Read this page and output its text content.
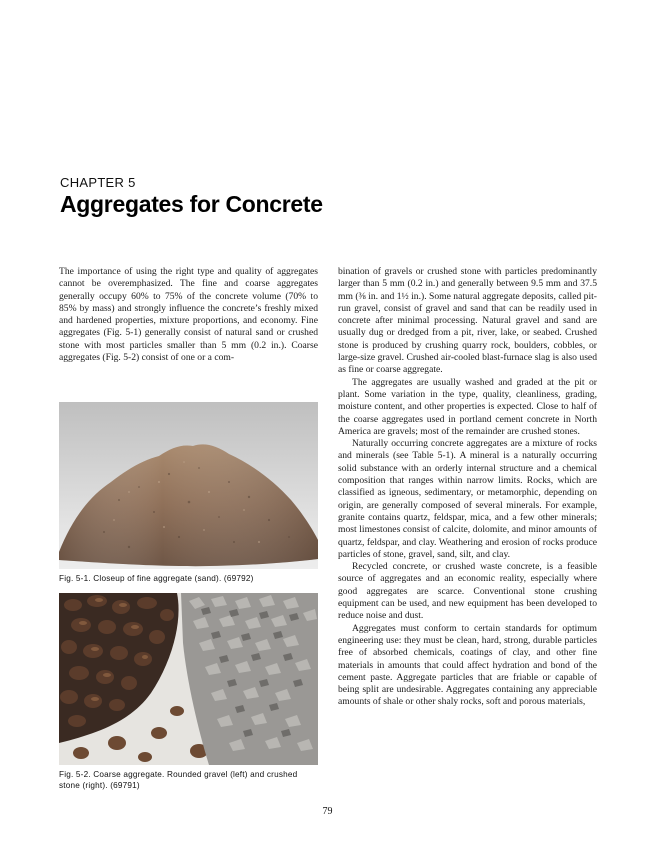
CHAPTER 5
Aggregates for Concrete

The importance of using the right type and quality of aggregates cannot be overemphasized. The fine and coarse aggregates generally occupy 60% to 75% of the concrete volume (70% to 85% by mass) and strongly influence the concrete’s freshly mixed and hardened properties, mixture proportions, and economy. Fine aggregates (Fig. 5-1) generally consist of natural sand or crushed stone with most particles smaller than 5 mm (0.2 in.). Coarse aggregates (Fig. 5-2) consist of one or a com-

Fig. 5-1. Closeup of fine aggregate (sand). (69792)
Fig. 5-2. Coarse aggregate. Rounded gravel (left) and crushed stone (right). (69791)

bination of gravels or crushed stone with particles predominantly larger than 5 mm (0.2 in.) and generally between 9.5 mm and 37.5 mm (⅜ in. and 1½ in.). Some natural aggregate deposits, called pit-run gravel, consist of gravel and sand that can be readily used in concrete after minimal processing. Natural gravel and sand are usually dug or dredged from a pit, river, lake, or seabed. Crushed stone is produced by crushing quarry rock, boulders, cobbles, or large-size gravel. Crushed air-cooled blast-furnace slag is also used as fine or coarse aggregate.

The aggregates are usually washed and graded at the pit or plant. Some variation in the type, quality, cleanliness, grading, moisture content, and other properties is expected. Close to half of the coarse aggregates used in portland cement concrete in North America are gravels; most of the remainder are crushed stones.

Naturally occurring concrete aggregates are a mixture of rocks and minerals (see Table 5-1). A mineral is a naturally occurring solid substance with an orderly internal structure and a chemical composition that ranges within narrow limits. Rocks, which are classified as igneous, sedimentary, or metamorphic, depending on origin, are generally composed of several minerals. For example, granite contains quartz, feldspar, mica, and a few other minerals; most limestones consist of calcite, dolomite, and minor amounts of quartz, feldspar, and clay. Weathering and erosion of rocks produce particles of stone, gravel, sand, silt, and clay.

Recycled concrete, or crushed waste concrete, is a feasible source of aggregates and an economic reality, especially where good aggregates are scarce. Conventional stone crushing equipment can be used, and new equipment has been developed to reduce noise and dust.

Aggregates must conform to certain standards for optimum engineering use: they must be clean, hard, strong, durable particles free of absorbed chemicals, coatings of clay, and other fine materials in amounts that could affect hydration and bond of the cement paste. Aggregate particles that are friable or capable of being split are undesirable. Aggregates containing any appreciable amounts of shale or other shaly rocks, soft and porous materials,

79
